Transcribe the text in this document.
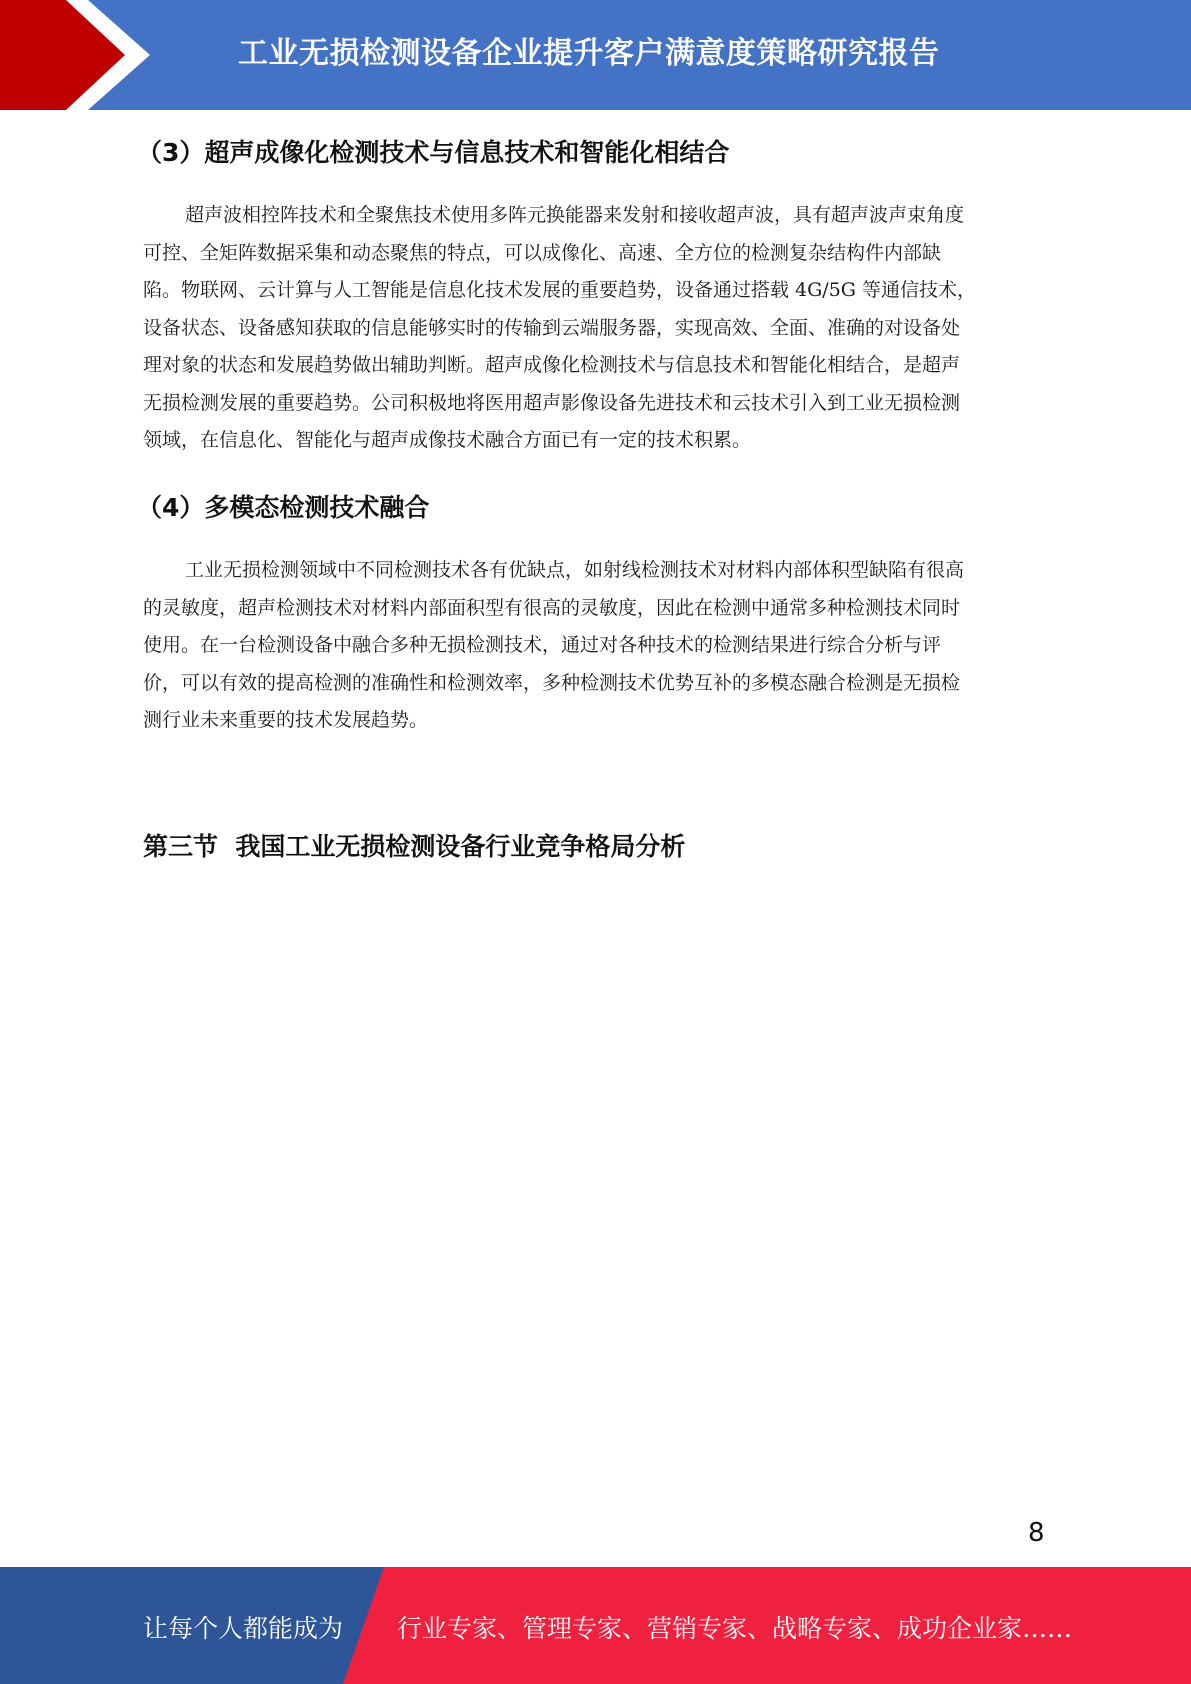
工业无损检测设备企业提升客户满意度策略研究报告
（3）超声成像化检测技术与信息技术和智能化相结合
超声波相控阵技术和全聚焦技术使用多阵元换能器来发射和接收超声波，具有超声波声束角度
可控、全矩阵数据采集和动态聚焦的特点，可以成像化、高速、全方位的检测复杂结构件内部缺
陷。物联网、云计算与人工智能是信息化技术发展的重要趋势，设备通过搭载 4G/5G 等通信技术，
设备状态、设备感知获取的信息能够实时的传输到云端服务器，实现高效、全面、准确的对设备处
理对象的状态和发展趋势做出辅助判断。超声成像化检测技术与信息技术和智能化相结合，是超声
无损检测发展的重要趋势。公司积极地将医用超声影像设备先进技术和云技术引入到工业无损检测
领域，在信息化、智能化与超声成像技术融合方面已有一定的技术积累。
（4）多模态检测技术融合
工业无损检测领域中不同检测技术各有优缺点，如射线检测技术对材料内部体积型缺陷有很高
的灵敏度，超声检测技术对材料内部面积型有很高的灵敏度，因此在检测中通常多种检测技术同时
使用。在一台检测设备中融合多种无损检测技术，通过对各种技术的检测结果进行综合分析与评
价，可以有效的提高检测的准确性和检测效率，多种检测技术优势互补的多模态融合检测是无损检
测行业未来重要的技术发展趋势。
第三节  我国工业无损检测设备行业竞争格局分析
8
让每个人都能成为 行业专家、管理专家、营销专家、战略专家、成功企业家……
